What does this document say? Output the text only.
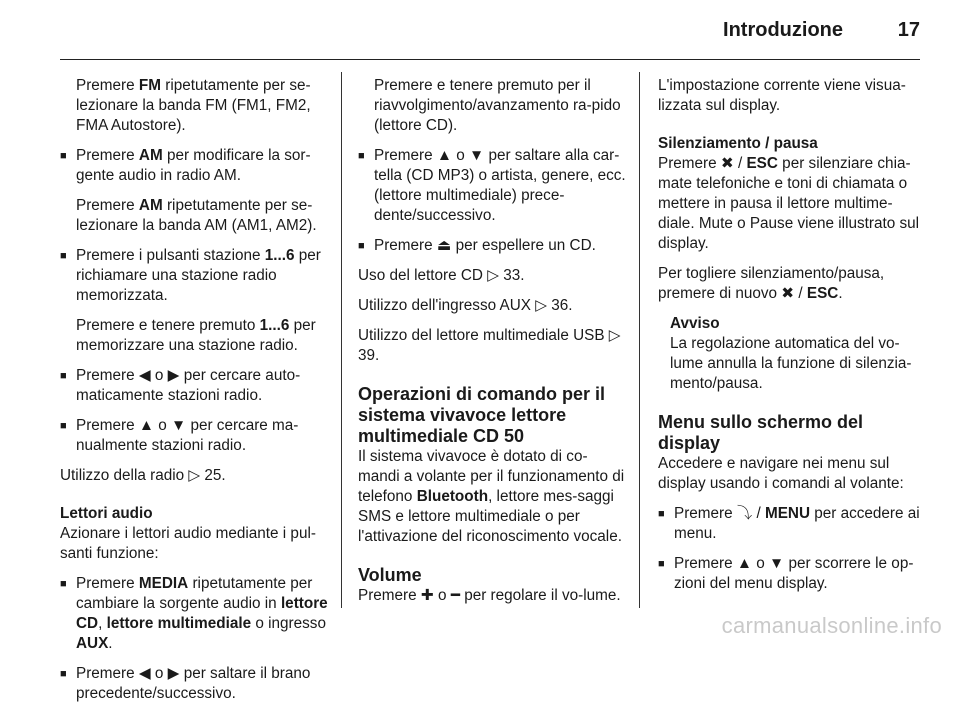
Introduzione	17

Premere FM ripetutamente per se-lezionare la banda FM (FM1, FM2, FMA Autostore).

■ Premere AM per modificare la sor-gente audio in radio AM.

Premere AM ripetutamente per se-lezionare la banda AM (AM1, AM2).

■ Premere i pulsanti stazione 1...6 per richiamare una stazione radio memorizzata.

Premere e tenere premuto 1...6 per memorizzare una stazione radio.

■ Premere ◀ o ▶ per cercare auto-maticamente stazioni radio.

■ Premere ▲ o ▼ per cercare ma-nualmente stazioni radio.

Utilizzo della radio ▷ 25.

Lettori audio

Azionare i lettori audio mediante i pul-santi funzione:

■ Premere MEDIA ripetutamente per cambiare la sorgente audio in lettore CD, lettore multimediale o ingresso AUX.

■ Premere ◀ o ▶ per saltare il brano precedente/successivo.

Premere e tenere premuto per il riavvolgimento/avanzamento ra-pido (lettore CD).

■ Premere ▲ o ▼ per saltare alla car-tella (CD MP3) o artista, genere, ecc. (lettore multimediale) prece-dente/successivo.

■ Premere ⏏ per espellere un CD.

Uso del lettore CD ▷ 33.

Utilizzo dell'ingresso AUX ▷ 36.

Utilizzo del lettore multimediale USB ▷ 39.

Operazioni di comando per il sistema vivavoce lettore multimediale CD 50

Il sistema vivavoce è dotato di co-mandi a volante per il funzionamento di telefono Bluetooth, lettore mes-saggi SMS e lettore multimediale o per l'attivazione del riconoscimento vocale.

Volume

Premere ✚ o ━ per regolare il vo-lume.

L'impostazione corrente viene visua-lizzata sul display.

Silenziamento / pausa

Premere ✖ / ESC per silenziare chia-mate telefoniche e toni di chiamata o mettere in pausa il lettore multime-diale. Mute o Pause viene illustrato sul display.

Per togliere silenziamento/pausa, premere di nuovo ✖ / ESC.

Avviso
La regolazione automatica del vo-lume annulla la funzione di silenzia-mento/pausa.
Menu sullo schermo del display

Accedere e navigare nei menu sul display usando i comandi al volante:

■ Premere ⤵ / MENU per accedere ai menu.

■ Premere ▲ o ▼ per scorrere le op-zioni del menu display.

carmanualsonline.info
